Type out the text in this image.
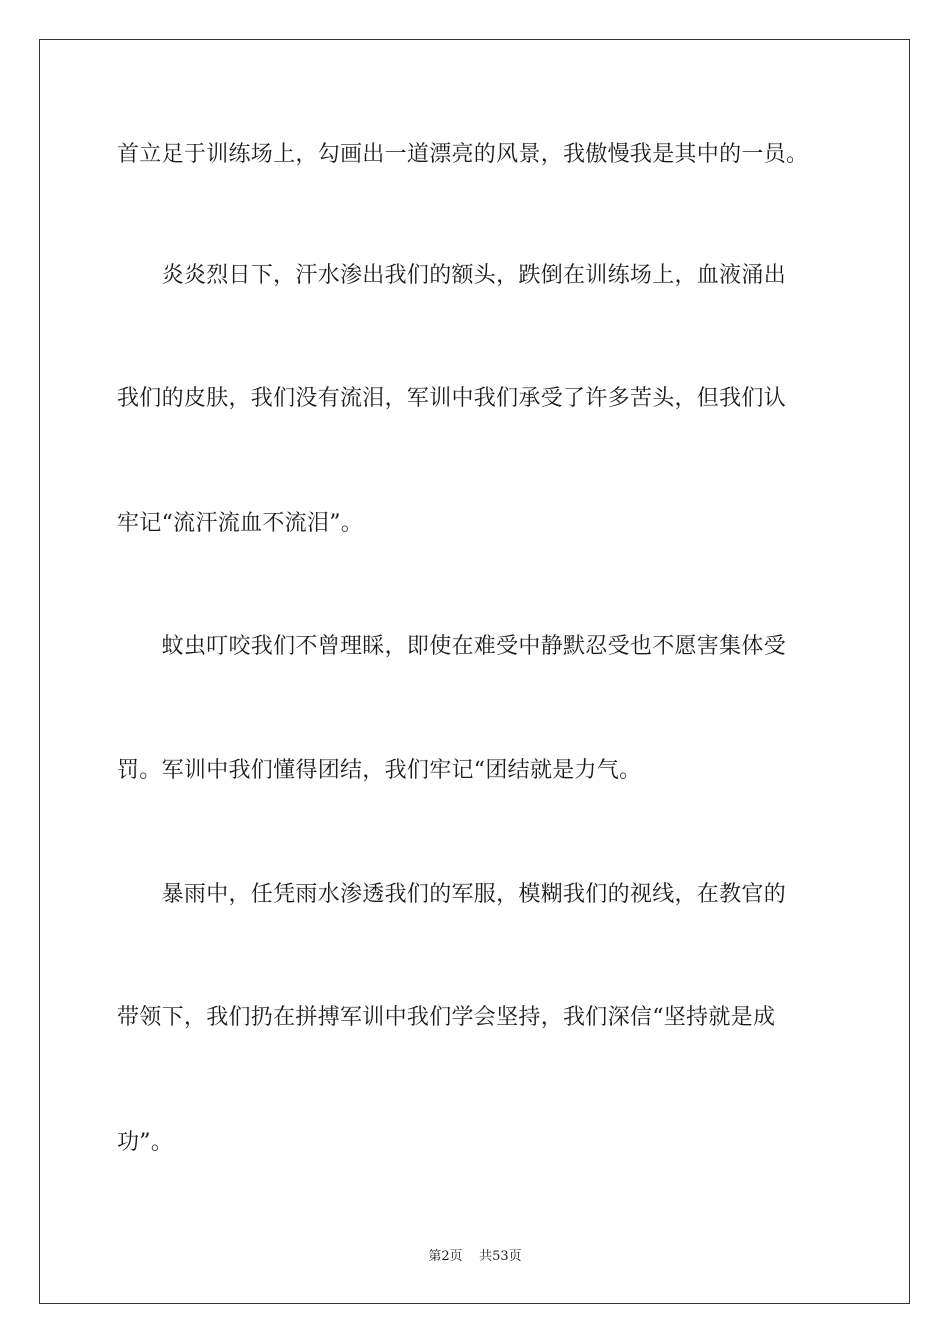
首立足于训练场上，勾画出一道漂亮的风景，我傲慢我是其中的一员。
　　炎炎烈日下，汗水渗出我们的额头，跌倒在训练场上，血液涌出
我们的皮肤，我们没有流泪，军训中我们承受了许多苦头，但我们认
牢记“流汗流血不流泪”。
　　蚊虫叮咬我们不曾理睬，即使在难受中静默忍受也不愿害集体受
罚。军训中我们懂得团结，我们牢记“团结就是力气。
　　暴雨中，任凭雨水渗透我们的军服，模糊我们的视线，在教官的
带领下，我们扔在拼搏军训中我们学会坚持，我们深信“坚持就是成
功”。
第2页 共53页
